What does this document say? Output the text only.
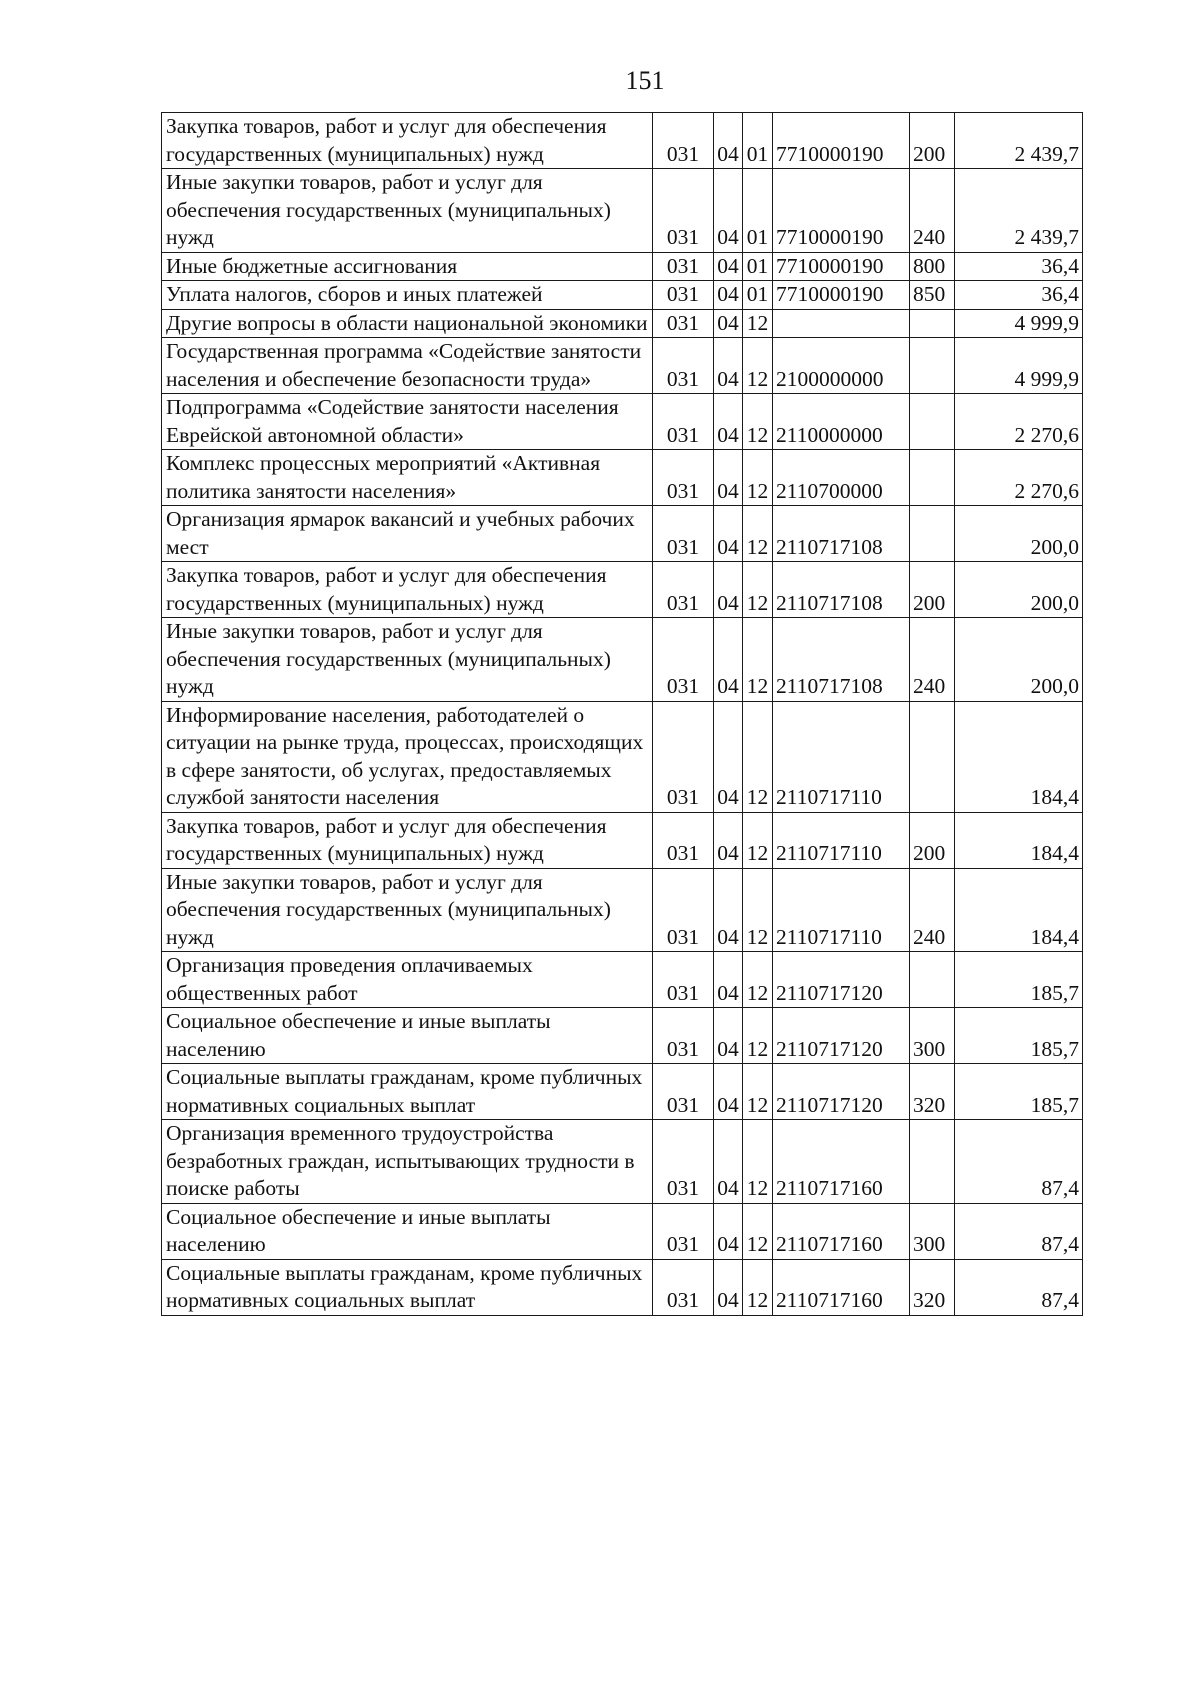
151
Закупка товаров, работ и услуг для обеспечения государственных (муниципальных) нужд	031	04	01	7710000190	200	2 439,7
Иные закупки товаров, работ и услуг для обеспечения государственных (муниципальных) нужд	031	04	01	7710000190	240	2 439,7
Иные бюджетные ассигнования	031	04	01	7710000190	800	36,4
Уплата налогов, сборов и иных платежей	031	04	01	7710000190	850	36,4
Другие вопросы в области национальной экономики	031	04	12			4 999,9
Государственная программа «Содействие занятости населения и обеспечение безопасности труда»	031	04	12	2100000000		4 999,9
Подпрограмма «Содействие занятости населения Еврейской автономной области»	031	04	12	2110000000		2 270,6
Комплекс процессных мероприятий «Активная политика занятости населения»	031	04	12	2110700000		2 270,6
Организация ярмарок вакансий и учебных рабочих мест	031	04	12	2110717108		200,0
Закупка товаров, работ и услуг для обеспечения государственных (муниципальных) нужд	031	04	12	2110717108	200	200,0
Иные закупки товаров, работ и услуг для обеспечения государственных (муниципальных) нужд	031	04	12	2110717108	240	200,0
Информирование населения, работодателей о ситуации на рынке труда, процессах, происходящих в сфере занятости, об услугах, предоставляемых службой занятости населения	031	04	12	2110717110		184,4
Закупка товаров, работ и услуг для обеспечения государственных (муниципальных) нужд	031	04	12	2110717110	200	184,4
Иные закупки товаров, работ и услуг для обеспечения государственных (муниципальных) нужд	031	04	12	2110717110	240	184,4
Организация проведения оплачиваемых общественных работ	031	04	12	2110717120		185,7
Социальное обеспечение и иные выплаты населению	031	04	12	2110717120	300	185,7
Социальные выплаты гражданам, кроме публичных нормативных социальных выплат	031	04	12	2110717120	320	185,7
Организация временного трудоустройства безработных граждан, испытывающих трудности в поиске работы	031	04	12	2110717160		87,4
Социальное обеспечение и иные выплаты населению	031	04	12	2110717160	300	87,4
Социальные выплаты гражданам, кроме публичных нормативных социальных выплат	031	04	12	2110717160	320	87,4
